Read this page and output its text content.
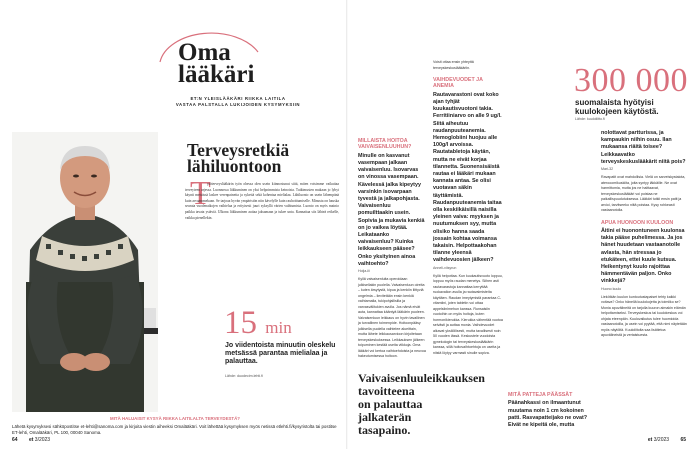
Oma
lääkäri
ET:N YLEISLÄÄKÄRI RIIKKA LAITILA
VASTAA PALSTALLA LUKIJOIDEN KYSYMYKSIIN
Terveysretkiä lähiluontoon
T
ytöterveyslääkärin työn ohessa olen usein kiinnostunut siitä, miten voisimme vaikuttaa terveyteen arjessa. Luonnossa liikkuminen on yksi helpoimmista keinoista. Tutkimusten mukaan jo lyhyt käynti metsässä laskee verenpainetta ja sykettä sekä kohentaa mielialaa. Lähiluonto on usein lähempänä kuin arvaammekaan. Se tarjoaa hyvän ympäristön niin kävelylle kuin rauhoittumiselle. Minusta on hauska seurata vuodenaikojen vaihtelua ja erityisesti juuri syksyllä värien vaihtumista. Luonto on myös mainio paikka tavata ystäviä. Ulkona liikkuminen auttaa jaksamaan ja tukee unta. Kannattaa siis lähteä retkelle, vaikka pienellekin.
15 min
Jo viidentoista minuutin oleskelu metsässä parantaa mielialaa ja palauttaa.
Lähde: duodecim.lehti.fi
MITÄ HALUAISIT KYSYÄ RIIKKA LAITILALTA TERVEYDESTÄ?
Lähetä kysymyksesi sähköpostitse et-lehti@sanoma.com ja kirjoita viestin aiheeksi Omalääkäri. Voit lähettää kysymyksen myös netissä etlehti.fi/kysyristolta tai postitse ET-lehti, Omalääkäri, PL 100, 00040 Sanoma.
64 et 3/2023
MILLAISTA HOITOA VAIVAISENLUUHUN?
Minulle on kasvanut vasempaan jalkaan vaivaisenluu. Isovarvas on vinossa vasempaan. Kävelessä jalka kipeytyy varsinkin isovarpaan tyvestä ja jalkapohjasta. Vaivaisenluu pomuilttaakin usein. Sopivia ja mukavia kenkiä on jo vaikea löytää. Leikataanko vaivaisenluu? Kuinka leikkaukseen pääsee? Onko yksityinen ainoa vaihtoehto?
Hoija-iii
Kyllä vaivaisenluita operoidaan julkisellakin puolella. Vaivaisenluun oireita – kuten ärsytystä, kipua ja kenkiin liittyviä ongelmia – lievitetään ensin kenkiä vaihtamalla, tukipohjallisilla ja varvasvälitukien avulla. Jos nämä eivät auta, kannattaa kääntyä lääkärin puoleen. Vaivaisenluun leikkaus on hyvin tavallinen ja turvallinen toimenpide. Hoitoonpääsy julkisella puolella vaihtelee alueittain, mutta lähete leikkausarvioon kirjoitetaan terveyskeskuksessa. Leikkauksen jälkeen toipuminen kestää useita viikkoja. Oma lääkäri voi kertoa vaihtoehdoista ja neuvoa hakeutumisessa hoitoon.
Vaivaisenluuleikkauksen tavoitteena on palauttaa jalkaterän tasapaino.
Voisit ottaa ensin yhteyttä terveyskeskuslääkäriin.
VAIHDEVUODET JA ANEMIA
Rautavarastoni ovat koko ajan tyhjät kuukautisvuotoni takia. Ferritiiniarvo on alle 9 ug/l. Siitä aiheutuu raudanpuuteanemia. Hemoglobiini huojuu alle 100g/l arvoissa. Rautatabletoja käytän, mutta ne eivät korjaa tilannetta. Suonensisäistä rautaa ei lääkäri mukaan kannata antaa. Se olisi vuotavan säkin täyttämistä. Raudanpuuteanemia taitaa olla keskiikäisillä naisilla yleinen vaiva: myyksen ja nuutumuksen syy, mutta olisiko hanna saada jossain kohtaa voimansa takaisin. Helpottaakohan tilanne yleensä vaihdevuosien jälkeen?
Anneli-viisyrun
Kyllä helpottaa. Kun kuukautisvuoto loppuu, loppuu myös raudan menetys. Siihen asti rautavarastoja kannattaa kerryttää ruokavalion avulla ja rautavalmisteita käyttäen. Raudan imeytymistä parantaa C-vitamiini, joten tabletin voi ottaa appelsiinimehun kanssa. Runsaisiin vuotoihin on myös hoitoja, kuten hormonikierukka. Kierukka vähentää vuotoa selvästi ja auttaa monia. Vaihdevuodet alkavat yksilöllisesti, mutta tavallisesti noin 50 vuoden iässä. Keskustele vuodoista gynekologin tai terveyskeskuslääkärin kanssa, sillä hoitovaihtoehtoja on useita ja niistä löytyy varmasti sinulle sopiva.
MITÄ PATTEJA PÄÄSSÄT
Päänahkassi on ilmaantunut muutama noin 1 cm kokoinen patti. Rasvapatteijako ne ovat? Eivät ne kipeitä ole, mutta
300 000
suomalaista hyötyisi kuulokojeen käytöstä.
Lähde: kuuloliitto.fi
nolottavat partturissa, ja kampaukin niihin osuu. Ilan mukaansa riäitä toisee? Leikkaavatko terveyskeskuslääkärit niitä pois?
Mari-32
Ravapatit ovat mahdollisia. Vielä on sarveiskystaiota, aterooomikuskiita, joita syntyy iäkkäille. Ne ovat harmittomia, mutta jos ne haittaavat, terveyskeskuslääkäri voi poistaa ne paikallispuudutuksessa. Lääkäri tutkii ensin patit ja arvioi, tarvitseeko niitä poistaa. Kysy rohkeasti vastaanotolla.
APUA HUONOON KUULOON
Äitini ei huonontuneen kuulonsa takia pääse puhelimessa. Ja jos hänet huudetaan vastaanotolle avlasta, hän stressaa jo etukäteen, ettei kuule kutsua. Heikentynyt kuulo rajoittaa hämmentävän paljon. Onko vinkkejä?
Huono kuulo
Liekötkän kuulon kuntoutustapaiset tehty kaikki voitava? Onko hänellä kuulokojetta ja toimiiko se? Monia apuvälineitä on tarjolla kuuron aimakin elämän helpottamiseksi. Terveyskeskus tai kuulokeskus voi ohjata eteenpäin. Kuulovaikutus tulee huomioida vastaanotoilla, ja usein voi pyytää, että nimi näytetään myös näytöltä. Kuuloliitolta saa lisätietoa apuvälineistä ja vertaistuesta.
et 3/2023 65
